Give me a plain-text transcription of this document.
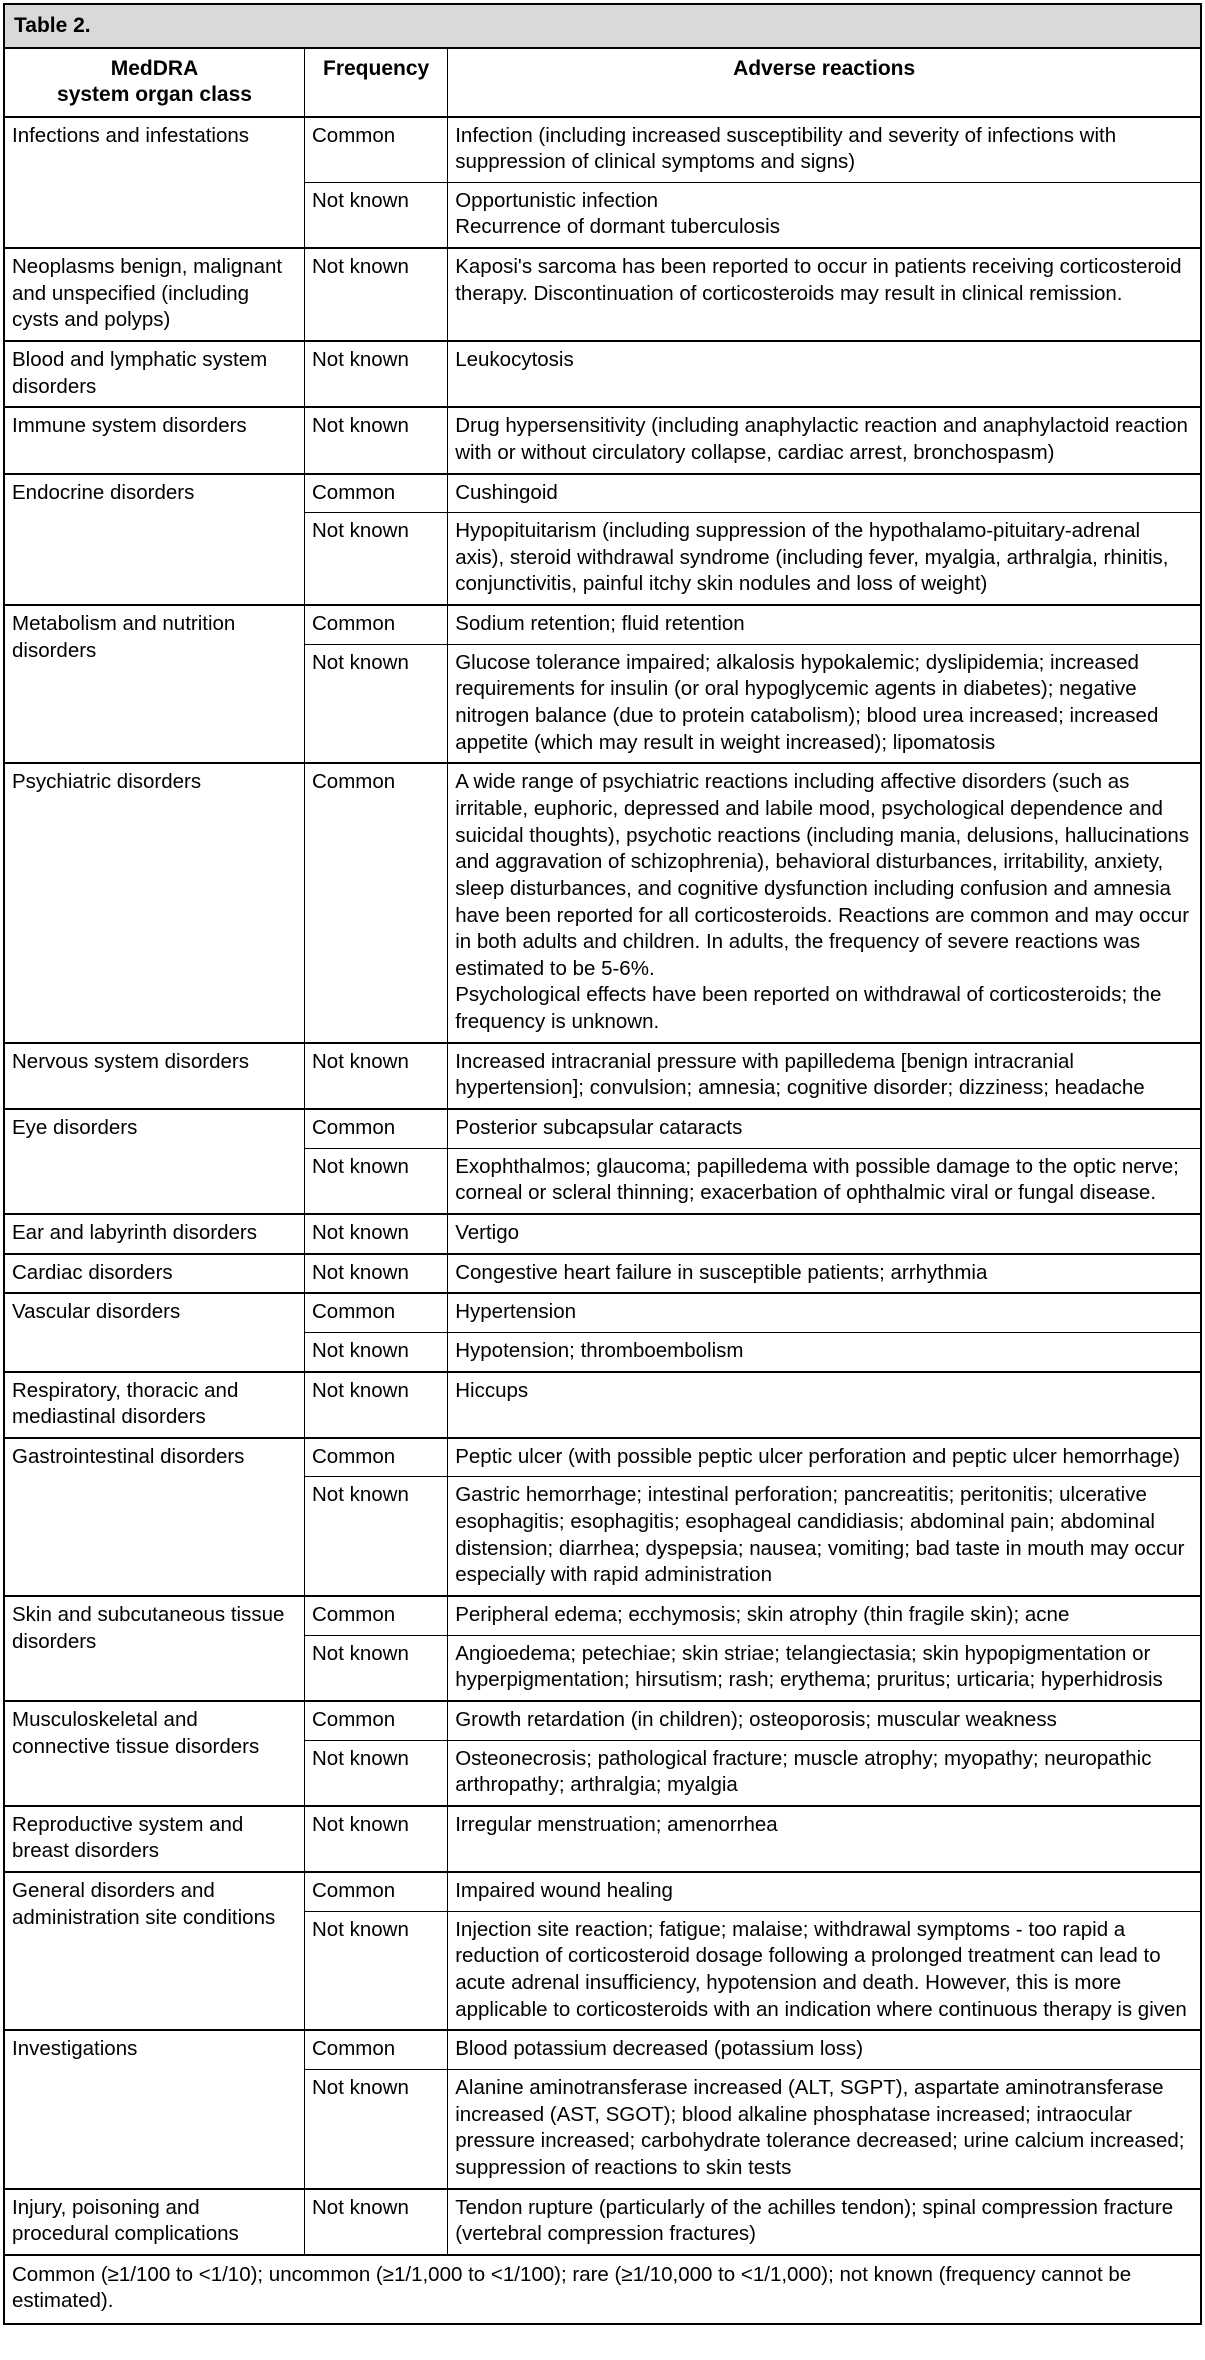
Table 2.		
MedDRA
system organ class	Frequency	Adverse reactions
Infections and infestations	Common	Infection (including increased susceptibility and severity of infections with suppression of clinical symptoms and signs)
	Not known	Opportunistic infection
Recurrence of dormant tuberculosis
Neoplasms benign, malignant and unspecified (including cysts and polyps)	Not known	Kaposi's sarcoma has been reported to occur in patients receiving corticosteroid therapy. Discontinuation of corticosteroids may result in clinical remission.
Blood and lymphatic system disorders	Not known	Leukocytosis
Immune system disorders	Not known	Drug hypersensitivity (including anaphylactic reaction and anaphylactoid reaction with or without circulatory collapse, cardiac arrest, bronchospasm)
Endocrine disorders	Common	Cushingoid
	Not known	Hypopituitarism (including suppression of the hypothalamo-pituitary-adrenal axis), steroid withdrawal syndrome (including fever, myalgia, arthralgia, rhinitis, conjunctivitis, painful itchy skin nodules and loss of weight)
Metabolism and nutrition disorders	Common	Sodium retention; fluid retention
	Not known	Glucose tolerance impaired; alkalosis hypokalemic; dyslipidemia; increased requirements for insulin (or oral hypoglycemic agents in diabetes); negative nitrogen balance (due to protein catabolism); blood urea increased; increased appetite (which may result in weight increased); lipomatosis
Psychiatric disorders	Common	A wide range of psychiatric reactions including affective disorders (such as irritable, euphoric, depressed and labile mood, psychological dependence and suicidal thoughts), psychotic reactions (including mania, delusions, hallucinations and aggravation of schizophrenia), behavioral disturbances, irritability, anxiety, sleep disturbances, and cognitive dysfunction including confusion and amnesia have been reported for all corticosteroids. Reactions are common and may occur in both adults and children. In adults, the frequency of severe reactions was estimated to be 5-6%.
Psychological effects have been reported on withdrawal of corticosteroids; the frequency is unknown.
Nervous system disorders	Not known	Increased intracranial pressure with papilledema [benign intracranial hypertension]; convulsion; amnesia; cognitive disorder; dizziness; headache
Eye disorders	Common	Posterior subcapsular cataracts
	Not known	Exophthalmos; glaucoma; papilledema with possible damage to the optic nerve; corneal or scleral thinning; exacerbation of ophthalmic viral or fungal disease.
Ear and labyrinth disorders	Not known	Vertigo
Cardiac disorders	Not known	Congestive heart failure in susceptible patients; arrhythmia
Vascular disorders	Common	Hypertension
	Not known	Hypotension; thromboembolism
Respiratory, thoracic and mediastinal disorders	Not known	Hiccups
Gastrointestinal disorders	Common	Peptic ulcer (with possible peptic ulcer perforation and peptic ulcer hemorrhage)
	Not known	Gastric hemorrhage; intestinal perforation; pancreatitis; peritonitis; ulcerative esophagitis; esophagitis; esophageal candidiasis; abdominal pain; abdominal distension; diarrhea; dyspepsia; nausea; vomiting; bad taste in mouth may occur especially with rapid administration
Skin and subcutaneous tissue disorders	Common	Peripheral edema; ecchymosis; skin atrophy (thin fragile skin); acne
	Not known	Angioedema; petechiae; skin striae; telangiectasia; skin hypopigmentation or hyperpigmentation; hirsutism; rash; erythema; pruritus; urticaria; hyperhidrosis
Musculoskeletal and connective tissue disorders	Common	Growth retardation (in children); osteoporosis; muscular weakness
	Not known	Osteonecrosis; pathological fracture; muscle atrophy; myopathy; neuropathic arthropathy; arthralgia; myalgia
Reproductive system and breast disorders	Not known	Irregular menstruation; amenorrhea
General disorders and administration site conditions	Common	Impaired wound healing
	Not known	Injection site reaction; fatigue; malaise; withdrawal symptoms - too rapid a reduction of corticosteroid dosage following a prolonged treatment can lead to acute adrenal insufficiency, hypotension and death. However, this is more applicable to corticosteroids with an indication where continuous therapy is given
Investigations	Common	Blood potassium decreased (potassium loss)
	Not known	Alanine aminotransferase increased (ALT, SGPT), aspartate aminotransferase increased (AST, SGOT); blood alkaline phosphatase increased; intraocular pressure increased; carbohydrate tolerance decreased; urine calcium increased; suppression of reactions to skin tests
Injury, poisoning and procedural complications	Not known	Tendon rupture (particularly of the achilles tendon); spinal compression fracture (vertebral compression fractures)
Common (≥1/100 to <1/10); uncommon (≥1/1,000 to <1/100); rare (≥1/10,000 to <1/1,000); not known (frequency cannot be estimated).		
